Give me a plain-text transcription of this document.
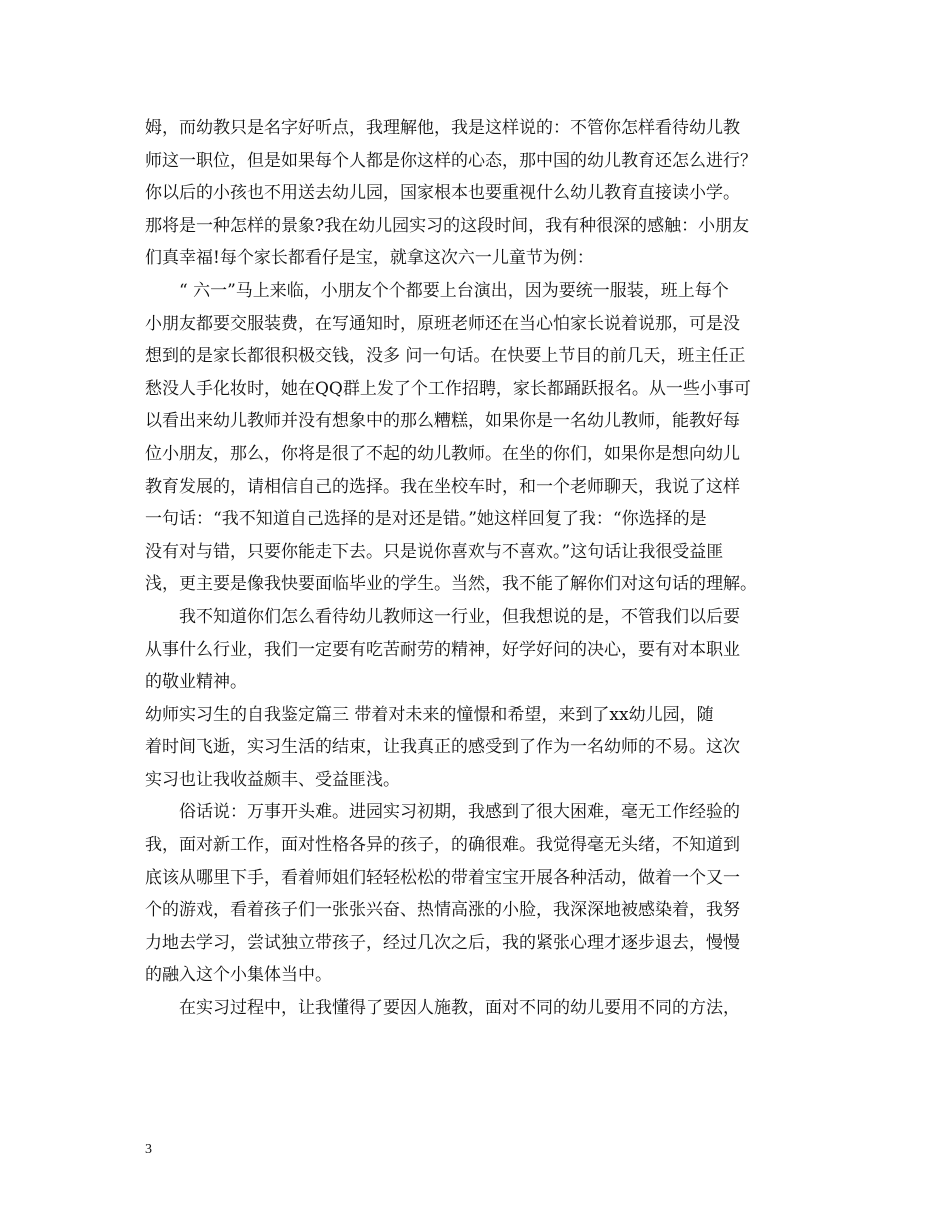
姆，而幼教只是名字好听点，我理解他，我是这样说的：不管你怎样看待幼儿教
师这一职位，但是如果每个人都是你这样的心态，那中国的幼儿教育还怎么进行？
你以后的小孩也不用送去幼儿园，国家根本也要重视什么幼儿教育直接读小学。
那将是一种怎样的景象?我在幼儿园实习的这段时间，我有种很深的感触：小朋友
们真幸福!每个家长都看仔是宝，就拿这次六一儿童节为例：
“ 六一”马上来临，小朋友个个都要上台演出，因为要统一服装，班上每个
小朋友都要交服装费，在写通知时，原班老师还在当心怕家长说着说那，可是没
想到的是家长都很积极交钱，没多 问一句话。在快要上节目的前几天，班主任正
愁没人手化妆时，她在QQ群上发了个工作招聘，家长都踊跃报名。从一些小事可
以看出来幼儿教师并没有想象中的那么糟糕，如果你是一名幼儿教师，能教好每
位小朋友，那么，你将是很了不起的幼儿教师。在坐的你们，如果你是想向幼儿
教育发展的，请相信自己的选择。我在坐校车时，和一个老师聊天，我说了这样
一句话：“我不知道自己选择的是对还是错。”她这样回复了我：“你选择的是
没有对与错，只要你能走下去。只是说你喜欢与不喜欢。”这句话让我很受益匪
浅，更主要是像我快要面临毕业的学生。当然，我不能了解你们对这句话的理解。
我不知道你们怎么看待幼儿教师这一行业，但我想说的是，不管我们以后要
从事什么行业，我们一定要有吃苦耐劳的精神，好学好问的决心，要有对本职业
的敬业精神。
幼师实习生的自我鉴定篇三 带着对未来的憧憬和希望，来到了xx幼儿园，随
着时间飞逝，实习生活的结束，让我真正的感受到了作为一名幼师的不易。这次
实习也让我收益颇丰、受益匪浅。
俗话说：万事开头难。进园实习初期，我感到了很大困难，毫无工作经验的
我，面对新工作，面对性格各异的孩子，的确很难。我觉得毫无头绪，不知道到
底该从哪里下手，看着师姐们轻轻松松的带着宝宝开展各种活动，做着一个又一
个的游戏，看着孩子们一张张兴奋、热情高涨的小脸，我深深地被感染着，我努
力地去学习，尝试独立带孩子，经过几次之后，我的紧张心理才逐步退去，慢慢
的融入这个小集体当中。
在实习过程中，让我懂得了要因人施教，面对不同的幼儿要用不同的方法，
3
